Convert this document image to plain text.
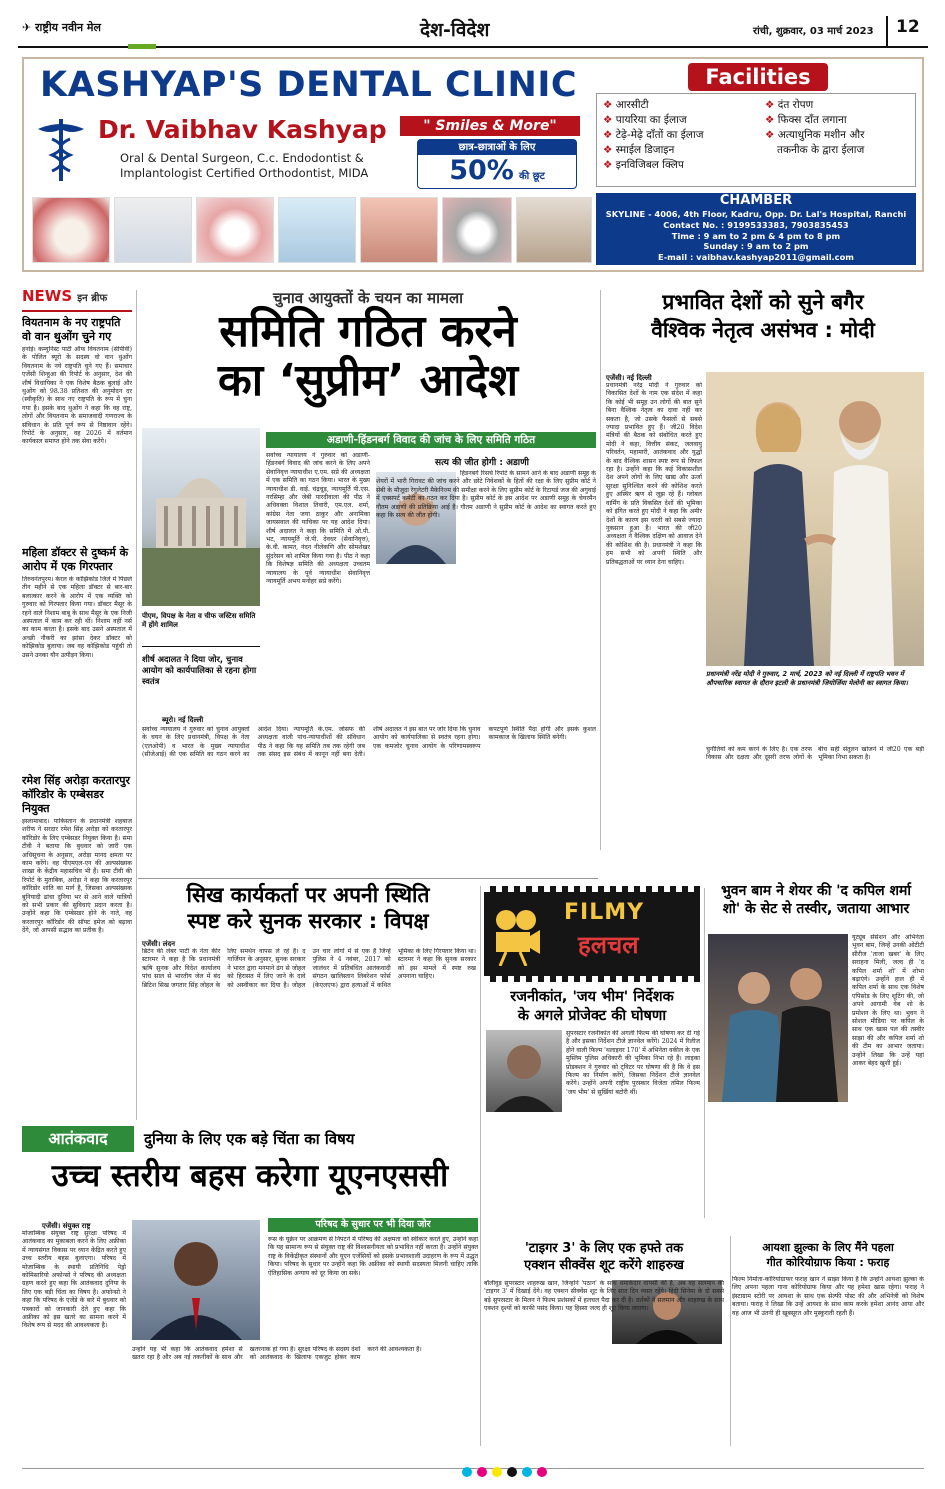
✈ राष्ट्रीय नवीन मेल	देश-विदेश	रांची, शुक्रवार, 03 मार्च 2023 12
KASHYAP'S DENTAL CLINIC
Dr. Vaibhav Kashyap
Oral & Dental Surgeon, C.c. Endodontist &
Implantologist Certified Orthodontist, MIDA
" Smiles & More"
छात्र-छात्राओं के लिए
50% की छूट
Facilities
❖ आरसीटी
❖ पायरिया का ईलाज
❖ टेढ़े-मेढ़े दाँतों का ईलाज
❖ स्माईल डिजाइन
❖ इनविजिबल क्लिप
❖ दंत रोपण
❖ फिक्स दाँत लगाना
❖ अत्याधुनिक मशीन और
तकनीक के द्वारा ईलाज
CHAMBER
SKYLINE - 4006, 4th Floor, Kadru, Opp. Dr. Lal's Hospital, Ranchi
Contact No. : 9199533383, 7903835453
Time : 9 am to 2 pm & 4 pm to 8 pm
Sunday : 9 am to 2 pm
E-mail : vaibhav.kashyap2011@gmail.com
NEWS इन ब्रीफ
वियतनाम के नए राष्ट्रपति वो वान थुओंग चुने गए
हनोई। कम्युनिस्ट पार्टी ऑफ वियतनाम (सीपीवी) के पोलित ब्यूरो के सदस्य वो वान थुओंग वियतनाम के नये राष्ट्रपति चुने गए हैं। समाचार एजेंसी शिन्हुआ की रिपोर्ट के अनुसार, देश की शीर्ष विधायिका ने एक विशेष बैठक बुलाई और थुओंग को 98.38 प्रतिशत की अनुमोदन दर (स्वीकृति) के साथ नए राष्ट्रपति के रूप में चुना गया है। इसके बाद थुओंग ने कहा कि वह राष्ट्र, लोगों और वियतनाम के समाजवादी गणराज्य के संविधान के प्रति पूर्ण रूप से निष्ठावान रहेंगे। रिपोर्ट के अनुसार, वह 2026 में वर्तमान कार्यकाल समाप्त होने तक सेवा करेंगे।
महिला डॉक्टर से दुष्कर्म के आरोप में एक गिरफ्तार
तिरुवनंतपुरम। केरल के कोझिकोड जिले में पिछले तीन महीने से एक महिला डॉक्टर से बार-बार बलात्कार करने के आरोप में एक व्यक्ति को गुरुवार को गिरफ्तार किया गया। डॉक्टर मैसूर के रहने वाले निशाम बाबू के साथ मैसूर के एक निजी अस्पताल में काम कर रही थीं। निशाम वहीं नर्स का काम करता है। इसके बाद उसने अस्पताल में अच्छी नौकरी का झांसा देकर डॉक्टर को कोझिकोड बुलाया। जब वह कोझिकोड पहुंची तो उसने उनका यौन उत्पीड़न किया।
रमेश सिंह अरोड़ा करतारपुर कॉरिडोर के एम्बेसडर नियुक्त
इस्लामाबाद। पाकिस्तान के प्रधानमंत्री शहबाज शरीफ ने सरदार रमेश सिंह अरोड़ा को करतारपुर कॉरिडोर के लिए एम्बेसडर नियुक्त किया है। समा टीवी ने बताया कि बुधवार को जारी एक अधिसूचना के अनुसार, अरोड़ा मानद क्षमता पर काम करेंगे। वह पीएमएल-एन की अल्पसंख्यक शाखा के केंद्रीय महासचिव भी हैं। समा टीवी की रिपोर्ट के मुताबिक, अरोड़ा ने कहा कि करतारपुर कॉरिडोर शांति का मार्ग है, जिसका अल्पसंख्यक बुनियादी ढांचा दुनिया भर से आने वाले यात्रियों को सभी प्रकार की सुविधाएं प्रदान करता है। उन्होंने कहा कि एम्बेसडर होने के नाते, वह करतारपुर कॉरिडोर की सॉफ्ट इमेज को बढ़ावा देंगे, जो आपसी सद्भाव का प्रतीक है।
चुनाव आयुक्तों के चयन का मामला
समिति गठित करने
का ‘सुप्रीम’ आदेश
अडाणी-हिंडनबर्ग विवाद की जांच के लिए समिति गठित
सर्वोच्च न्यायालय ने गुरुवार को अडाणी-हिंडनबर्ग विवाद की जांच करने के लिए अपने सेवानिवृत्त न्यायाधीश ए.एम. सप्रे की अध्यक्षता में एक समिति का गठन किया। भारत के मुख्य न्यायाधीश डी. वाई. चंद्रचूड़, न्यायमूर्ति पी.एस. नरसिम्हा और जेबी पारदीवाला की पीठ ने अधिवक्ता विशाल तिवारी, एम.एल. शर्मा, कांग्रेस नेता जया ठाकुर और अनामिका जायसवाल की याचिका पर यह आदेश दिया। शीर्ष अदालत ने कहा कि समिति में ओ.पी. भट, न्यायमूर्ति जे.पी. देवधर (सेवानिवृत्त), के.वी. कामत, नंदन नीलेकणि और सोमशेखर सुंदरेसन को शामिल किया गया है। पीठ ने कहा कि विशेषज्ञ समिति की अध्यक्षता उच्चतम न्यायालय के पूर्व न्यायाधीश सेवानिवृत्त न्यायमूर्ति अभय मनोहर सप्रे करेंगे।
सत्य की जीत होगी : अडाणी
हिंडनबर्ग रिसर्च रिपोर्ट के सामने आने के बाद अडाणी समूह के शेयरों में भारी गिरावट की जांच करने और छोटे निवेशकों के हितों की रक्षा के लिए सुप्रीम कोर्ट ने सेबी के मौजूदा रेगुलेटरी मैकेनिज्म की समीक्षा करने के लिए सुप्रीम कोर्ट के रिटायर्ड जज की अगुवाई में एक्सपर्ट कमेटी का गठन कर दिया है। सुप्रीम कोर्ट के इस आदेश पर अडाणी समूह के चेयरमैन गौतम अडाणी की प्रतिक्रिया आई है। गौतम अडाणी ने सुप्रीम कोर्ट के आदेश का स्वागत करते हुए कहा कि सत्य की जीत होगी।
पीएम, विपक्ष के नेता व चीफ जस्टिस समिति में होंगे शामिल
शीर्ष अदालत ने दिया जोर, चुनाव आयोग को कार्यपालिका से रहना होगा स्वतंत्र
ब्यूरो। नई दिल्ली
सर्वोच्च न्यायालय ने गुरुवार को चुनाव आयुक्तों के चयन के लिए प्रधानमंत्री, विपक्ष के नेता (एलओपी) व भारत के मुख्य न्यायाधीश (सीजेआई) की एक समिति का गठन करने का आदेश दिया। न्यायमूर्ति के.एम. जोसफ की अध्यक्षता वाली पांच-न्यायाधीशों की संविधान पीठ ने कहा कि यह समिति तब तक रहेगी जब तक संसद इस संबंध में कानून नहीं बना देती। शीर्ष अदालत ने इस बात पर जोर दिया कि चुनाव आयोग को कार्यपालिका से स्वतंत्र रहना होगा। एक कमजोर चुनाव आयोग के परिणामस्वरूप कपटपूर्ण स्थिति पैदा होगी और इसके कुशल कामकाज के खिलाफ स्थिति बनेगी।
प्रभावित देशों को सुने बगैर
वैश्विक नेतृत्व असंभव : मोदी
एजेंसी। नई दिल्ली
प्रधानमंत्री नरेंद्र मोदी ने गुरुवार को विकासित देशों के नाम एक संदेश में कहा कि कोई भी समूह उन लोगों की बात सुने बिना वैश्विक नेतृत्व का दावा नहीं कर सकता है, जो उसके फैसलों से सबसे ज्यादा प्रभावित हुए हैं। जी20 विदेश मंत्रियों की बैठक को संबोधित करते हुए मोदी ने कहा, वित्तीय संकट, जलवायु परिवर्तन, महामारी, आतंकवाद और युद्धों के बाद वैश्विक शासन स्पष्ट रूप से विफल रहा है। उन्होंने कहा कि कई विकासशील देश अपने लोगों के लिए खाद्य और ऊर्जा सुरक्षा सुनिश्चित करने की कोशिश करते हुए अस्थिर ऋण से जूझ रहे हैं। ग्लोबल वार्मिंग के प्रति विकसित देशों की भूमिका को इंगित करते हुए मोदी ने कहा कि अमीर देशों के कारण इस धरती को सबसे ज्यादा नुकसान हुआ है। भारत की जी20 अध्यक्षता ने वैश्विक दक्षिण को आवाज देने की कोशिश की है। प्रधानमंत्री ने कहा कि हम सभी को अपनी स्थिति और प्रतिबद्धताओं पर ध्यान देना चाहिए।
प्रधानमंत्री नरेंद्र मोदी ने गुरुवार, 2 मार्च, 2023 को नई दिल्ली में राष्ट्रपति भवन में औपचारिक स्वागत के दौरान इटली के प्रधानमंत्री जियोर्जिया मेलोनी का स्वागत किया।
चुनौतियों को कम करने के लिए है। एक तरफ विकास और दक्षता और दूसरी तरफ लोगों के बीच सही संतुलन खोजने में जी20 एक बड़ी भूमिका निभा सकता है।
सिख कार्यकर्ता पर अपनी स्थिति
स्पष्ट करे सुनक सरकार : विपक्ष
एजेंसी। लंदन
ब्रिटेन की लेबर पार्टी के नेता कीर स्टारमर ने कहा है कि प्रधानमंत्री ऋषि सुनक और विदेश कार्यालय पांच साल से भारतीय जेल में बंद ब्रिटिश सिख जगतार सिंह जोहल के लिए समर्थन वापस ले रहे हैं। द गार्जियन के अनुसार, सुनक सरकार ने भारत द्वारा मनमाने ढंग से जोहल को हिरासत में लिए जाने के दावे को अस्वीकार कर दिया है। जोहल उन चार लोगों में से एक हैं जिन्हें पुलिस ने 4 नवंबर, 2017 को जालंधर में प्रतिबंधित आतंकवादी संगठन खालिस्तान लिबरेशन फोर्स (केएलएफ) द्वारा हत्याओं में कथित भूमिका के लिए गिरफ्तार किया था। स्टारमर ने कहा कि सुनक सरकार को इस मामले में स्पष्ट रुख अपनाना चाहिए।
FILMY
हलचल
रजनीकांत, 'जय भीम' निर्देशक
के अगले प्रोजेक्ट की घोषणा
सुपरस्टार रजनीकांत की अगली फिल्म की घोषणा कर दी गई है और इसका निर्देशन टीजे ज्ञानवेल करेंगे। 2024 में रिलीज होने वाली फिल्म 'थलाइवर 170' में अभिनेता वकील के एक मुस्लिम पुलिस अधिकारी की भूमिका निभा रहे हैं। लाइका प्रोडक्शन ने गुरुवार को ट्विटर पर घोषणा की है कि वे इस फिल्म का निर्माण करेंगे, जिसका निर्देशन टीजे ज्ञानवेल करेंगे। उन्होंने अपनी राष्ट्रीय पुरस्कार विजेता तमिल फिल्म 'जय भीम' से सुर्खियां बटोरी थीं।
'टाइगर 3' के लिए एक हफ्ते तक
एक्शन सीक्वेंस शूट करेंगे शाहरुख
बॉलीवुड सुपरस्टार शाहरुख खान, जिन्होंने 'पठान' के साथ धमाकेदार वापसी की है, अब वह सलमान की 'टाइगर 3' में दिखाई देंगे। वह एक्शन सीक्वेंस शूट के लिए सात दिन व्यस्त रहेंगे। हिंदी सिनेमा के दो सबसे बड़े सुपरस्टार के मिलन ने फिल्म प्रशंसकों में हलचल पैदा कर दी है। दर्शकों ने सलमान और शाहरुख के साथ एक्शन दृश्यों को काफी पसंद किया। यह हिस्सा जल्द ही शूट किया जाएगा।
भुवन बाम ने शेयर की 'द कपिल शर्मा
शो' के सेट से तस्वीर, जताया आभार
यूट्यूब सेंसेशन और अभिनेता भुवन बाम, जिन्हें उनकी ओटीटी सीरीज 'ताजा खबर' के लिए सराहना मिली, जल्द ही 'द कपिल शर्मा शो' में शोभा बढ़ाएंगे। उन्होंने हाल ही में कपिल शर्मा के साथ एक विशेष एपिसोड के लिए शूटिंग की, जो अपने आगामी वेब शो के प्रमोशन के लिए था। भुवन ने सोशल मीडिया पर कपिल के साथ एक खास पल की तस्वीर साझा की और कपिल शर्मा शो की टीम का आभार जताया। उन्होंने लिखा कि उन्हें यहां आकर बेहद खुशी हुई।
आयशा झुल्का के लिए मैंने पहला
गीत कोरियोग्राफ किया : फराह
फिल्म निर्माता-कोरियोग्राफर फराह खान ने साझा किया है कि उन्होंने आयशा झुल्का के लिए अपना पहला गाना कोरियोग्राफ किया और यह हमेशा खास रहेगा। फराह ने इंस्टाग्राम स्टोरी पर आयशा के साथ एक सेल्फी पोस्ट की और अभिनेत्री को विशेष बताया। फराह ने लिखा कि उन्हें आयशा के साथ काम करके हमेशा आनंद आया और वह आज भी उतनी ही खूबसूरत और मुस्कुराती रहती हैं।
आतंकवाद	दुनिया के लिए एक बड़े चिंता का विषय
उच्च स्तरीय बहस करेगा यूएनएससी
एजेंसी। संयुक्त राष्ट्र
मोजाम्बिक संयुक्त राष्ट्र सुरक्षा परिषद में आतंकवाद का मुकाबला करने के लिए अफ्रीका में न्यायसंगत विकास पर ध्यान केंद्रित करते हुए उच्च स्तरीय बहस बुलाएगा। परिषद में मोजाम्बिक के स्थायी प्रतिनिधि पेड्रो कोमिसारियो अफोन्सो ने परिषद की अध्यक्षता ग्रहण करते हुए कहा कि आतंकवाद दुनिया के लिए एक बड़ी चिंता का विषय है। अफोन्सो ने कहा कि परिषद के एजेंडे के बारे में बुधवार को पत्रकारों को जानकारी देते हुए कहा कि अफ्रीका को इस खतरे का सामना करने में विशेष रूप से मदद की आवश्यकता है।
परिषद के सुधार पर भी दिया जोर
रूस के यूक्रेन पर आक्रमण से निपटने में परिषद की अक्षमता को स्वीकार करते हुए, उन्होंने कहा कि यह सामान्य रूप से संयुक्त राष्ट्र की विश्वसनीयता को प्रभावित नहीं करता है। उन्होंने संयुक्त राष्ट्र के विकेंद्रीकृत संस्थानों और यूएन एजेंसियों को इसके प्रभावशाली उदाहरण के रूप में उद्धृत किया। परिषद के सुधार पर उन्होंने कहा कि अफ्रीका को स्थायी सदस्यता मिलनी चाहिए ताकि ऐतिहासिक अन्याय को दूर किया जा सके।
उन्होंने यह भी कहा कि आतंकवाद हमेशा से खतरा रहा है और अब नई तकनीकों के साथ और खतरनाक हो गया है। सुरक्षा परिषद के सदस्य देशों को आतंकवाद के खिलाफ एकजुट होकर काम करने की आवश्यकता है।
